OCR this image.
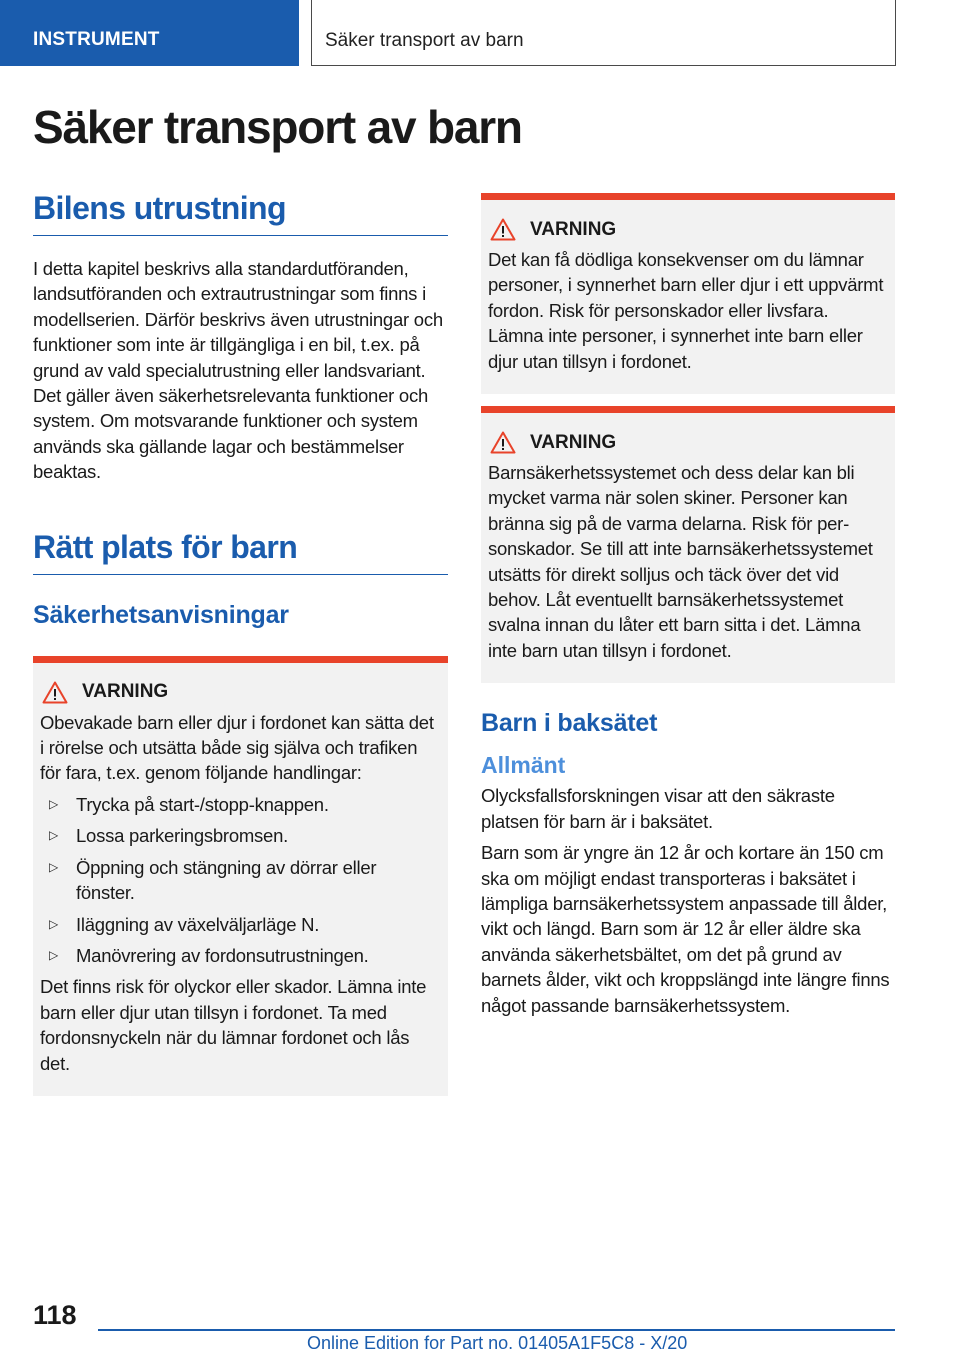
INSTRUMENT	Säker transport av barn
Säker transport av barn
Bilens utrustning

I detta kapitel beskrivs alla standardutföranden, landsutföranden och extrautrustningar som finns i modellserien. Därför beskrivs även utrustningar och funktioner som inte är tillgängliga i en bil, t.ex. på grund av vald specialutrustning eller landsvariant. Det gäller även säkerhetsrelevanta funktioner och system. Om motsvarande funktioner och system används ska gällande lagar och bestämmelser beaktas.

Rätt plats för barn
Säkerhetsanvisningar
VARNING

Obevakade barn eller djur i fordonet kan sätta det i rörelse och utsätta både sig själva och trafiken för fara, t.ex. genom följande handlingar:

▷ Trycka på start-/stopp-knappen.
▷ Lossa parkeringsbromsen.
▷ Öppning och stängning av dörrar eller fönster.
▷ Iläggning av växelväljarläge N.
▷ Manövrering av fordonsutrustningen.

Det finns risk för olyckor eller skador. Lämna inte barn eller djur utan tillsyn i fordonet. Ta med fordonsnyckeln när du lämnar fordonet och lås det.

VARNING

Det kan få dödliga konsekvenser om du lämnar personer, i synnerhet barn eller djur i ett uppvärmt fordon. Risk för personskador eller livsfara. Lämna inte personer, i synnerhet inte barn eller djur utan tillsyn i fordonet.

VARNING

Barnsäkerhetssystemet och dess delar kan bli mycket varma när solen skiner. Personer kan bränna sig på de varma delarna. Risk för personskador. Se till att inte barnsäkerhetssystemet utsätts för direkt solljus och täck över det vid behov. Låt eventuellt barnsäkerhetssystemet svalna innan du låter ett barn sitta i det. Lämna inte barn utan tillsyn i fordonet.

Barn i baksätet
Allmänt

Olycksfallsforskningen visar att den säkraste platsen för barn är i baksätet.

Barn som är yngre än 12 år och kortare än 150 cm ska om möjligt endast transporteras i baksätet i lämpliga barnsäkerhetssystem anpassade till ålder, vikt och längd. Barn som är 12 år eller äldre ska använda säkerhetsbältet, om det på grund av barnets ålder, vikt och kroppslängd inte längre finns något passande barnsäkerhetssystem.

118
Online Edition for Part no. 01405A1F5C8 - X/20
